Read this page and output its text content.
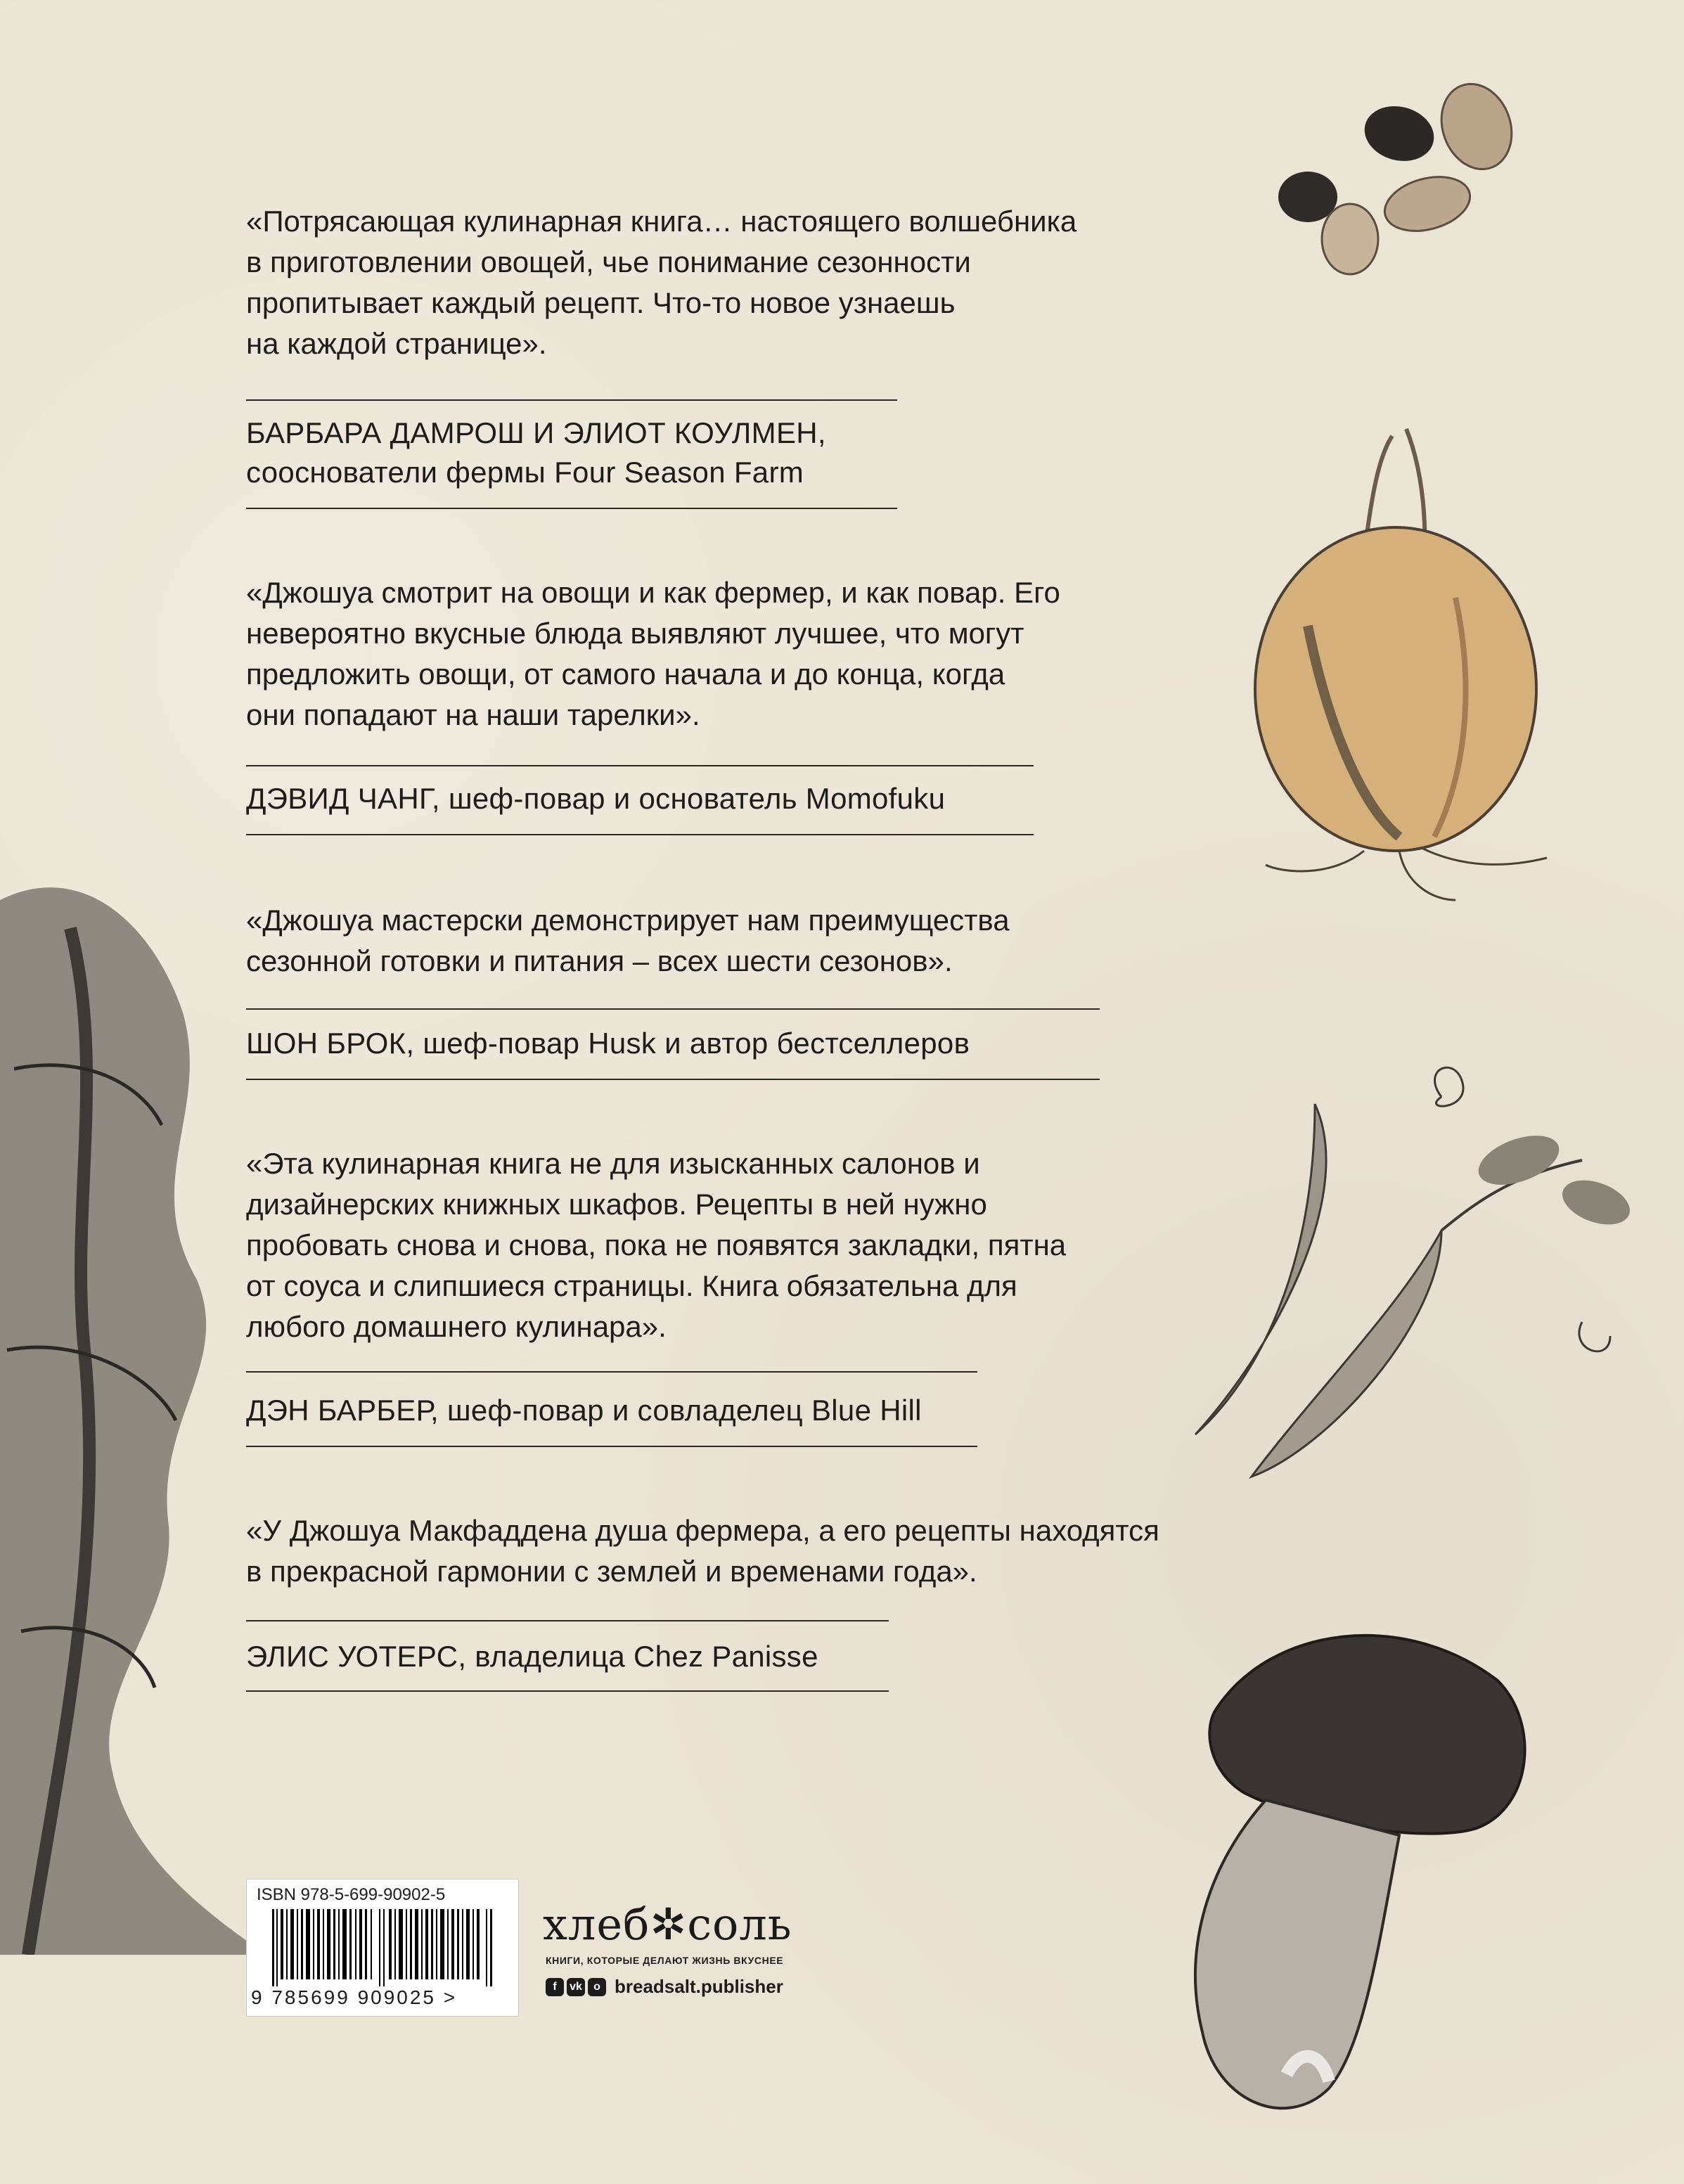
«Потрясающая кулинарная книга… настоящего волшебника
в приготовлении овощей, чье понимание сезонности
пропитывает каждый рецепт. Что-то новое узнаешь
на каждой странице».
БАРБАРА ДАМРОШ И ЭЛИОТ КОУЛМЕН,
сооснователи фермы Four Season Farm
«Джошуа смотрит на овощи и как фермер, и как повар. Его
невероятно вкусные блюда выявляют лучшее, что могут
предложить овощи, от самого начала и до конца, когда
они попадают на наши тарелки».
ДЭВИД ЧАНГ, шеф-повар и основатель Momofuku
«Джошуа мастерски демонстрирует нам преимущества
сезонной готовки и питания – всех шести сезонов».
ШОН БРОК, шеф-повар Husk и автор бестселлеров
«Эта кулинарная книга не для изысканных салонов и
дизайнерских книжных шкафов. Рецепты в ней нужно
пробовать снова и снова, пока не появятся закладки, пятна
от соуса и слипшиеся страницы. Книга обязательна для
любого домашнего кулинара».
ДЭН БАРБЕР, шеф-повар и совладелец Blue Hill
«У Джошуа Макфаддена душа фермера, а его рецепты находятся
в прекрасной гармонии с землей и временами года».
ЭЛИС УОТЕРС, владелица Chez Panisse
ISBN 978-5-699-90902-5
9 785699 909025 >
хлеб✲соль
КНИГИ, КОТОРЫЕ ДЕЛАЮТ ЖИЗНЬ ВКУСНЕЕ
f	vk	o breadsalt.publisher
